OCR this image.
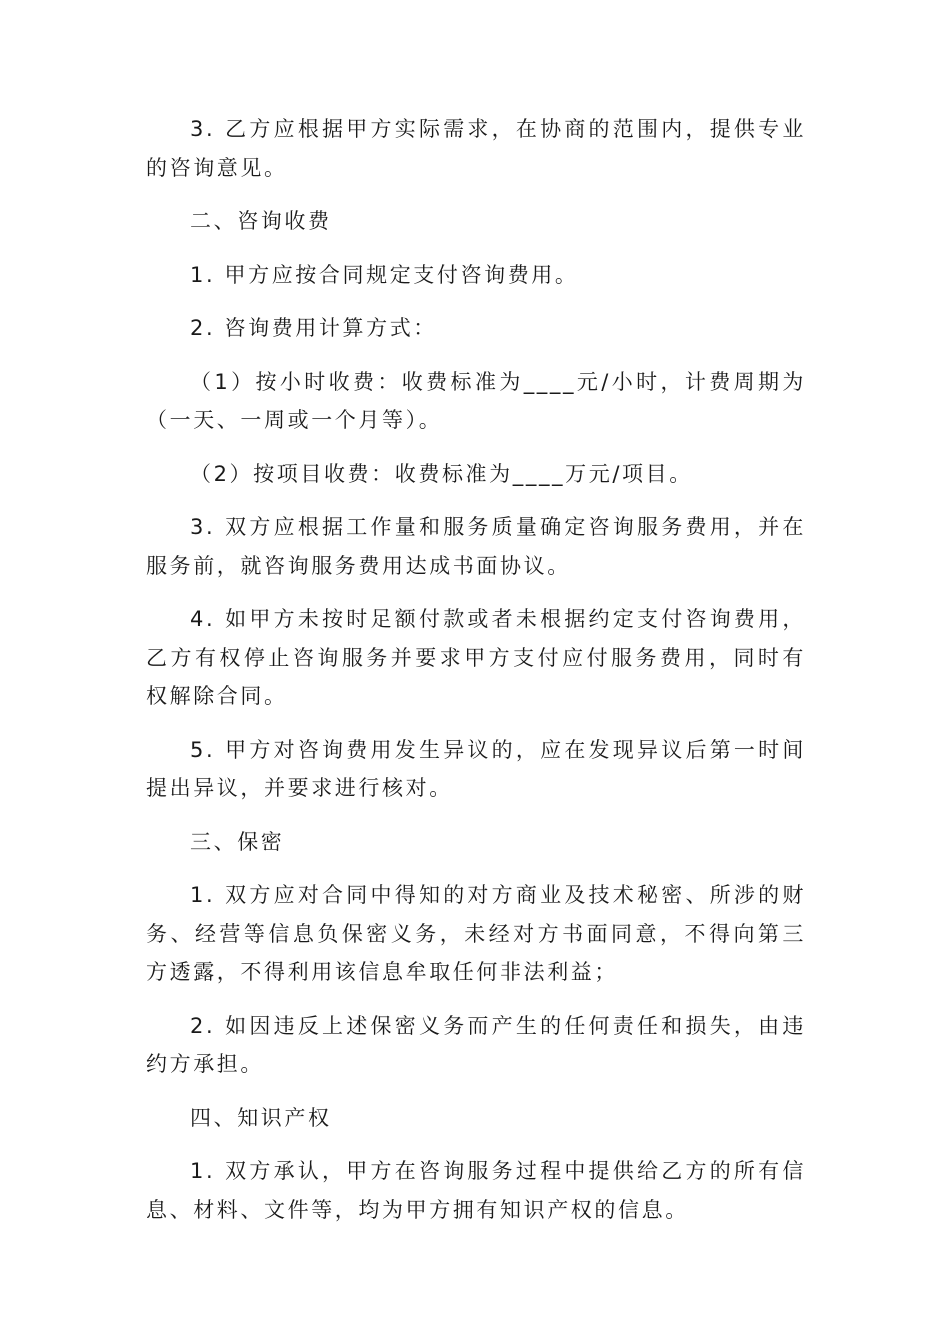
3. 乙方应根据甲方实际需求，在协商的范围内，提供专业的咨询意见。

二、咨询收费

1. 甲方应按合同规定支付咨询费用。

2. 咨询费用计算方式：

（1）按小时收费：收费标准为____元/小时，计费周期为（一天、一周或一个月等）。

（2）按项目收费：收费标准为____万元/项目。

3. 双方应根据工作量和服务质量确定咨询服务费用，并在服务前，就咨询服务费用达成书面协议。

4. 如甲方未按时足额付款或者未根据约定支付咨询费用，乙方有权停止咨询服务并要求甲方支付应付服务费用，同时有权解除合同。

5. 甲方对咨询费用发生异议的，应在发现异议后第一时间提出异议，并要求进行核对。

三、保密

1. 双方应对合同中得知的对方商业及技术秘密、所涉的财务、经营等信息负保密义务，未经对方书面同意，不得向第三方透露，不得利用该信息牟取任何非法利益；

2. 如因违反上述保密义务而产生的任何责任和损失，由违约方承担。

四、知识产权

1. 双方承认，甲方在咨询服务过程中提供给乙方的所有信息、材料、文件等，均为甲方拥有知识产权的信息。
